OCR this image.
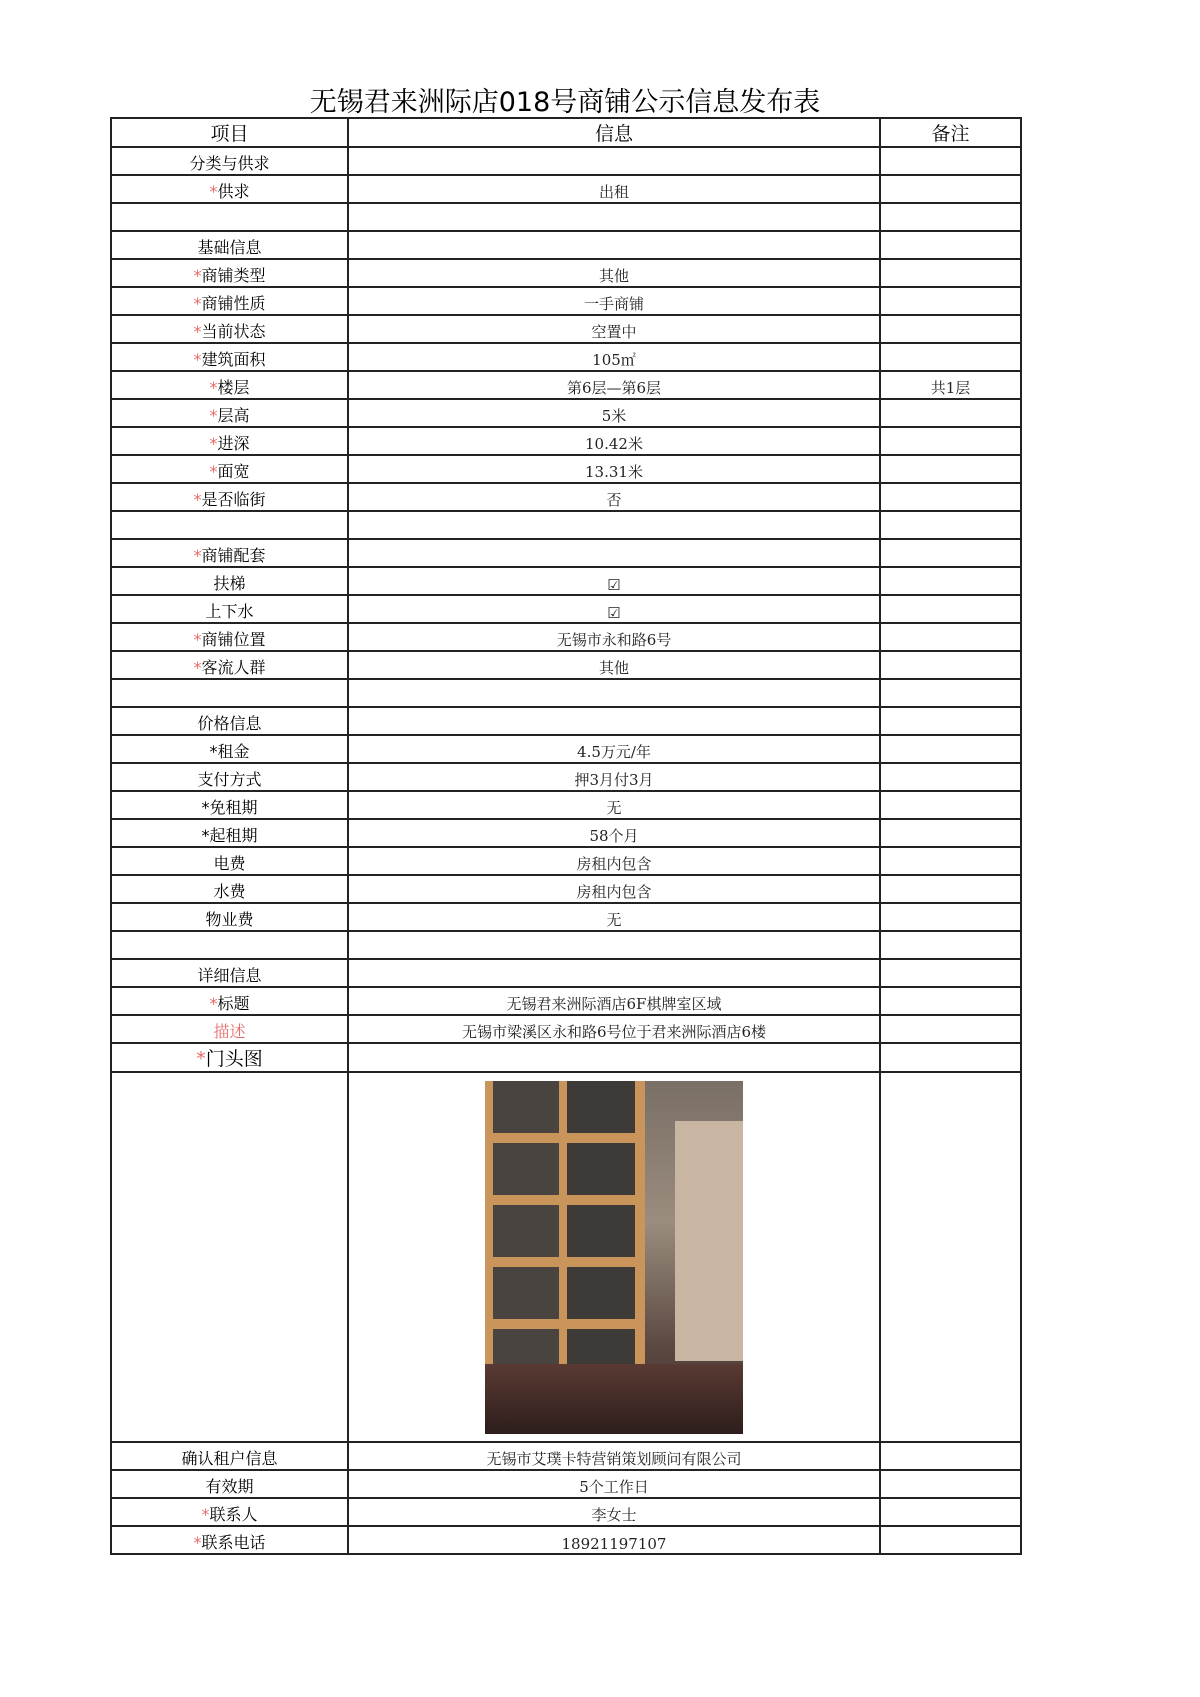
无锡君来洲际店018号商铺公示信息发布表
项目	信息	备注
分类与供求		
*供求	出租	

基础信息		
*商铺类型	其他	
*商铺性质	一手商铺	
*当前状态	空置中	
*建筑面积	105㎡	
*楼层	第6层—第6层	共1层
*层高	5米	
*进深	10.42米	
*面宽	13.31米	
*是否临街	否	

*商铺配套		
扶梯	☑	
上下水	☑	
*商铺位置	无锡市永和路6号	
*客流人群	其他	

价格信息		
*租金	4.5万元/年	
支付方式	押3月付3月	
*免租期	无	
*起租期	58个月	
电费	房租内包含	
水费	房租内包含	
物业费	无	

详细信息		
*标题	无锡君来洲际酒店6F棋牌室区域	
描述	无锡市梁溪区永和路6号位于君来洲际酒店6楼	
*门头图		

确认租户信息	无锡市艾璞卡特营销策划顾问有限公司	
有效期	5个工作日	
*联系人	李女士	
*联系电话	18921197107	
